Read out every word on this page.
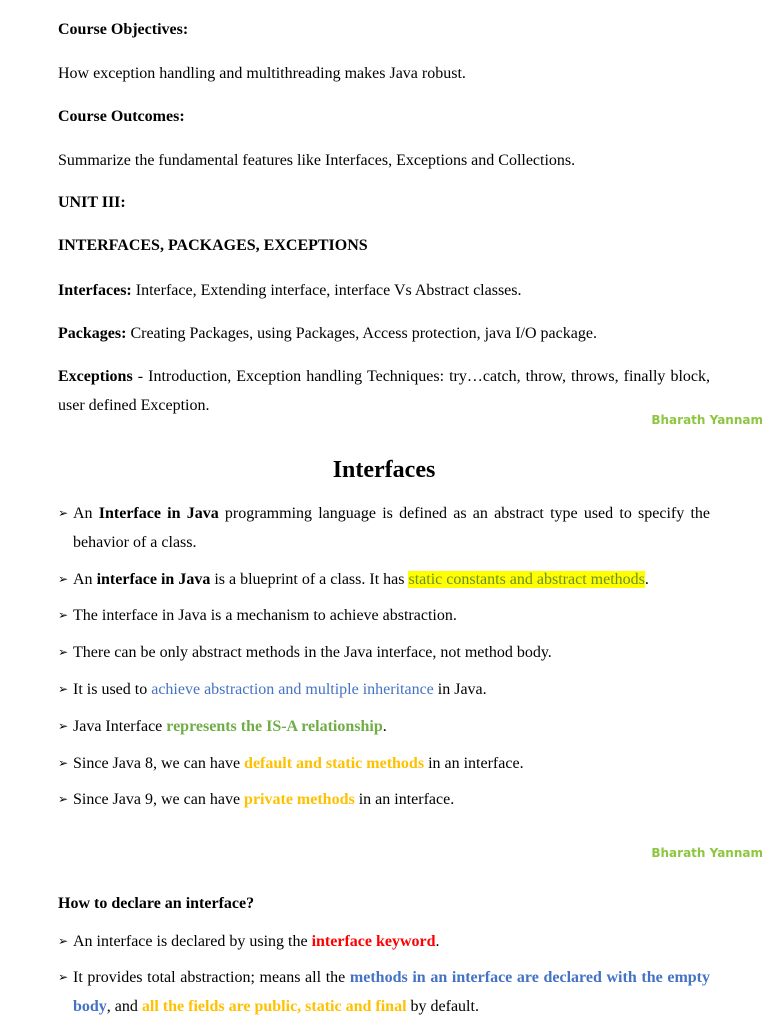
Course Objectives:

How exception handling and multithreading makes Java robust.

Course Outcomes:

Summarize the fundamental features like Interfaces, Exceptions and Collections.

UNIT III:

INTERFACES, PACKAGES, EXCEPTIONS

Interfaces: Interface, Extending interface, interface Vs Abstract classes.

Packages: Creating Packages, using Packages, Access protection, java I/O package.

Exceptions - Introduction, Exception handling Techniques: try…catch, throw, throws, finally block, user defined Exception.

Bharath Yannam
Interfaces
➢ An Interface in Java programming language is defined as an abstract type used to specify the behavior of a class.
➢ An interface in Java is a blueprint of a class. It has static constants and abstract methods.
➢ The interface in Java is a mechanism to achieve abstraction.
➢ There can be only abstract methods in the Java interface, not method body.
➢ It is used to achieve abstraction and multiple inheritance in Java.
➢ Java Interface represents the IS-A relationship.
➢ Since Java 8, we can have default and static methods in an interface.
➢ Since Java 9, we can have private methods in an interface.
Bharath Yannam

How to declare an interface?

➢ An interface is declared by using the interface keyword.
➢ It provides total abstraction; means all the methods in an interface are declared with the empty body, and all the fields are public, static and final by default.
